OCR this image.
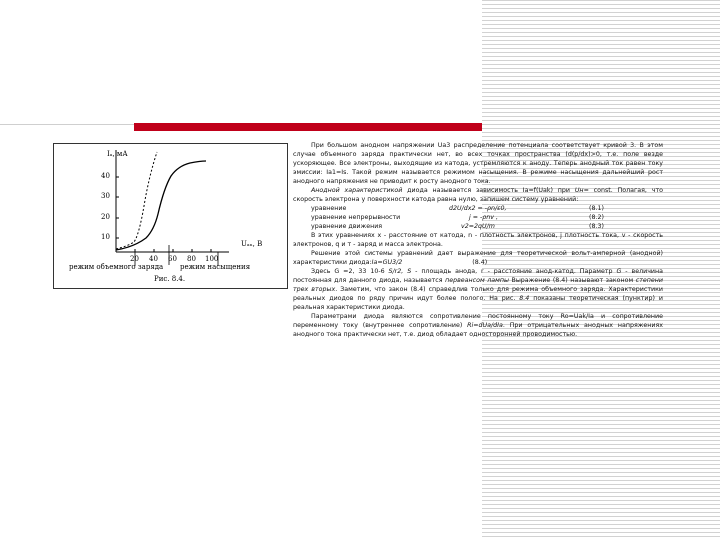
Iₐ, мА
40
30
20
10
Uₐₙ, В
20 40 60 80 100
режим объемного заряда режим насыщения
Рис. 8.4.

При большом анодном напряжении Ua3 распределение потенциала соответствует кривой 3. В этом случае объемного заряда практически нет, во всех точках пространства (d(p/dx)>0, т.е. поле везде ускоряющее. Все электроны, выходящие из катода, устремляются к аноду. Теперь анодный ток равен току эмиссии: Ia1=Is. Такой режим называется режимом насыщения. В режиме насыщения дальнейший рост анодного напряжения не приводит к росту анодного тока.

Анодной характеристикой диода называется зависимость Ia=f(Uak) при Uн= const. Полагая, что скорость электрона у поверхности катода равна нулю, запишем систему уравнений:

уравнение	d2U/dx2 = -ρn/ε0,	(8.1)

уравнение непрерывности	j = -ρnv ,	(8.2)

уравнение движения	v2=2qU/m	(8.3)

В этих уравнениях x - расстояние от катода, n - плотность электронов, j плотность тока, v - скорость электронов, q и т - заряд и масса электрона.

Решение этой системы уравнений дает выражение для теоретической вольт-амперной (анодной) характеристики диода:Ia=GU3/2	(8.4)

Здесь G =2, 33 10-6 S/r2, S - площадь анода, r - расстояние анод-катод. Параметр G - величина постоянная для данного диода, называется первеансом лампы Выражение (8.4) называют законом степени трех вторых. Заметим, что закон (8.4) справедлив только для режима объемного заряда. Характеристики реальных диодов по ряду причин идут более полого. На рис. 8.4 показаны теоретическая (пунктир) и реальная характеристики диода.

Параметрами диода являются сопротивление постоянному току Ro=Uak/Ia и сопротивление переменному току (внутреннее сопротивление) Ri=dUa/dIa. При отрицательных анодных напряжениях анодного тока практически нет, т.е. диод обладает односторонней проводимостью.
